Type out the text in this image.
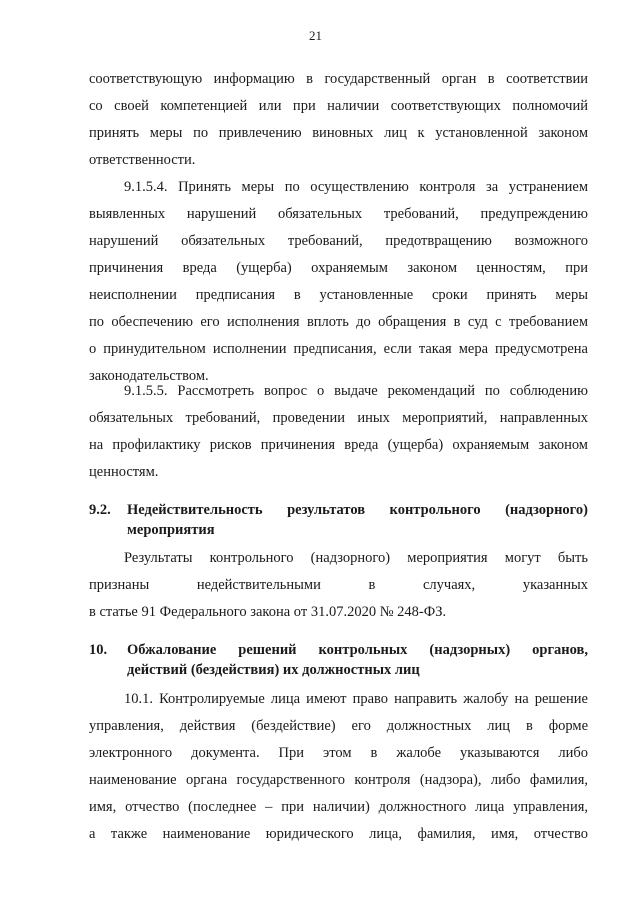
21
соответствующую информацию в государственный орган в соответствии
со своей компетенцией или при наличии соответствующих полномочий
принять меры по привлечению виновных лиц к установленной законом
ответственности.
9.1.5.4. Принять меры по осуществлению контроля за устранением
выявленных нарушений обязательных требований, предупреждению
нарушений обязательных требований, предотвращению возможного
причинения вреда (ущерба) охраняемым законом ценностям, при
неисполнении предписания в установленные сроки принять меры
по обеспечению его исполнения вплоть до обращения в суд с требованием
о принудительном исполнении предписания, если такая мера предусмотрена
законодательством.
9.1.5.5. Рассмотреть вопрос о выдаче рекомендаций по соблюдению
обязательных требований, проведении иных мероприятий, направленных
на профилактику рисков причинения вреда (ущерба) охраняемым законом
ценностям.
9.2. Недействительность результатов контрольного (надзорного)
мероприятия
Результаты контрольного (надзорного) мероприятия могут быть
признаны недействительными в случаях, указанных
в статье 91 Федерального закона от 31.07.2020 № 248-ФЗ.
10. Обжалование решений контрольных (надзорных) органов,
действий (бездействия) их должностных лиц
10.1. Контролируемые лица имеют право направить жалобу на решение
управления, действия (бездействие) его должностных лиц в форме
электронного документа. При этом в жалобе указываются либо
наименование органа государственного контроля (надзора), либо фамилия,
имя, отчество (последнее – при наличии) должностного лица управления,
а также наименование юридического лица, фамилия, имя, отчество
